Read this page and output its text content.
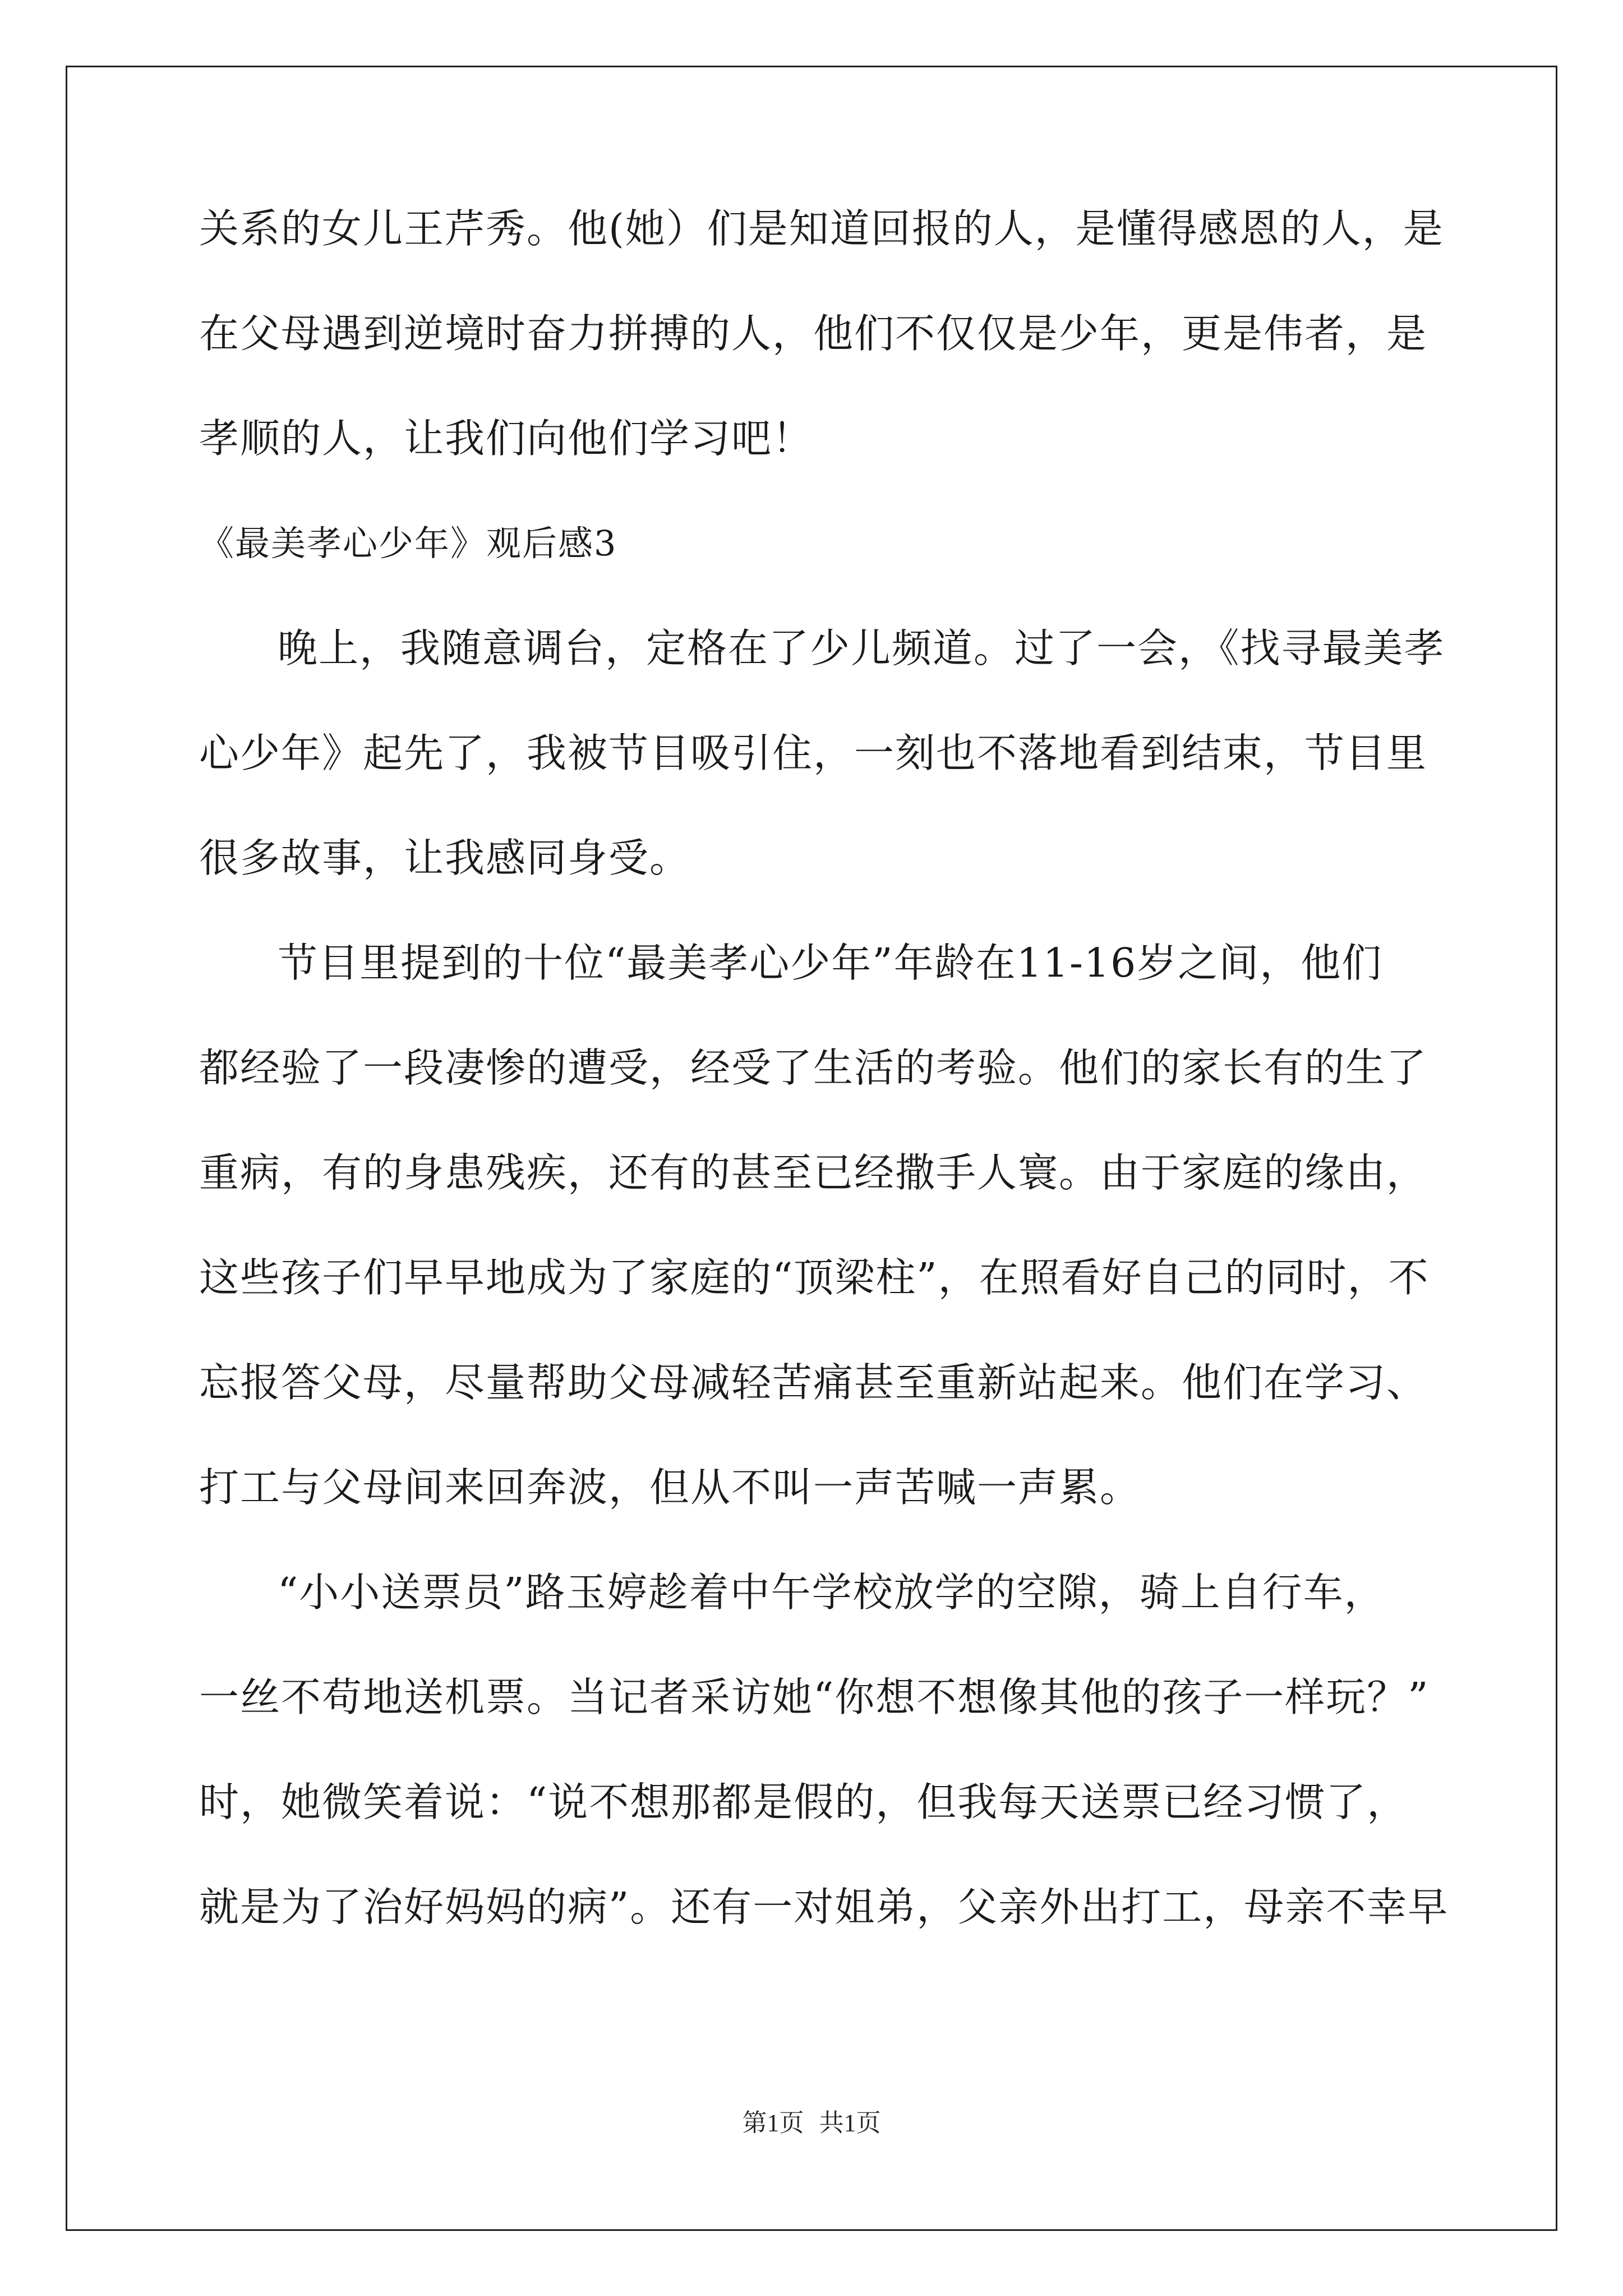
关系的女儿王芹秀。他(她）们是知道回报的人，是懂得感恩的人，是
在父母遇到逆境时奋力拼搏的人，他们不仅仅是少年，更是伟者，是
孝顺的人，让我们向他们学习吧！
《最美孝心少年》观后感3
晚上，我随意调台，定格在了少儿频道。过了一会，《找寻最美孝
心少年》起先了，我被节目吸引住，一刻也不落地看到结束，节目里
很多故事，让我感同身受。
节目里提到的十位“最美孝心少年”年龄在11-16岁之间，他们
都经验了一段凄惨的遭受，经受了生活的考验。他们的家长有的生了
重病，有的身患残疾，还有的甚至已经撒手人寰。由于家庭的缘由，
这些孩子们早早地成为了家庭的“顶梁柱”，在照看好自己的同时，不
忘报答父母，尽量帮助父母减轻苦痛甚至重新站起来。他们在学习、
打工与父母间来回奔波，但从不叫一声苦喊一声累。
“小小送票员”路玉婷趁着中午学校放学的空隙，骑上自行车，
一丝不苟地送机票。当记者采访她“你想不想像其他的孩子一样玩？”
时，她微笑着说：“说不想那都是假的，但我每天送票已经习惯了，
就是为了治好妈妈的病”。还有一对姐弟，父亲外出打工，母亲不幸早
第1页 共1页
